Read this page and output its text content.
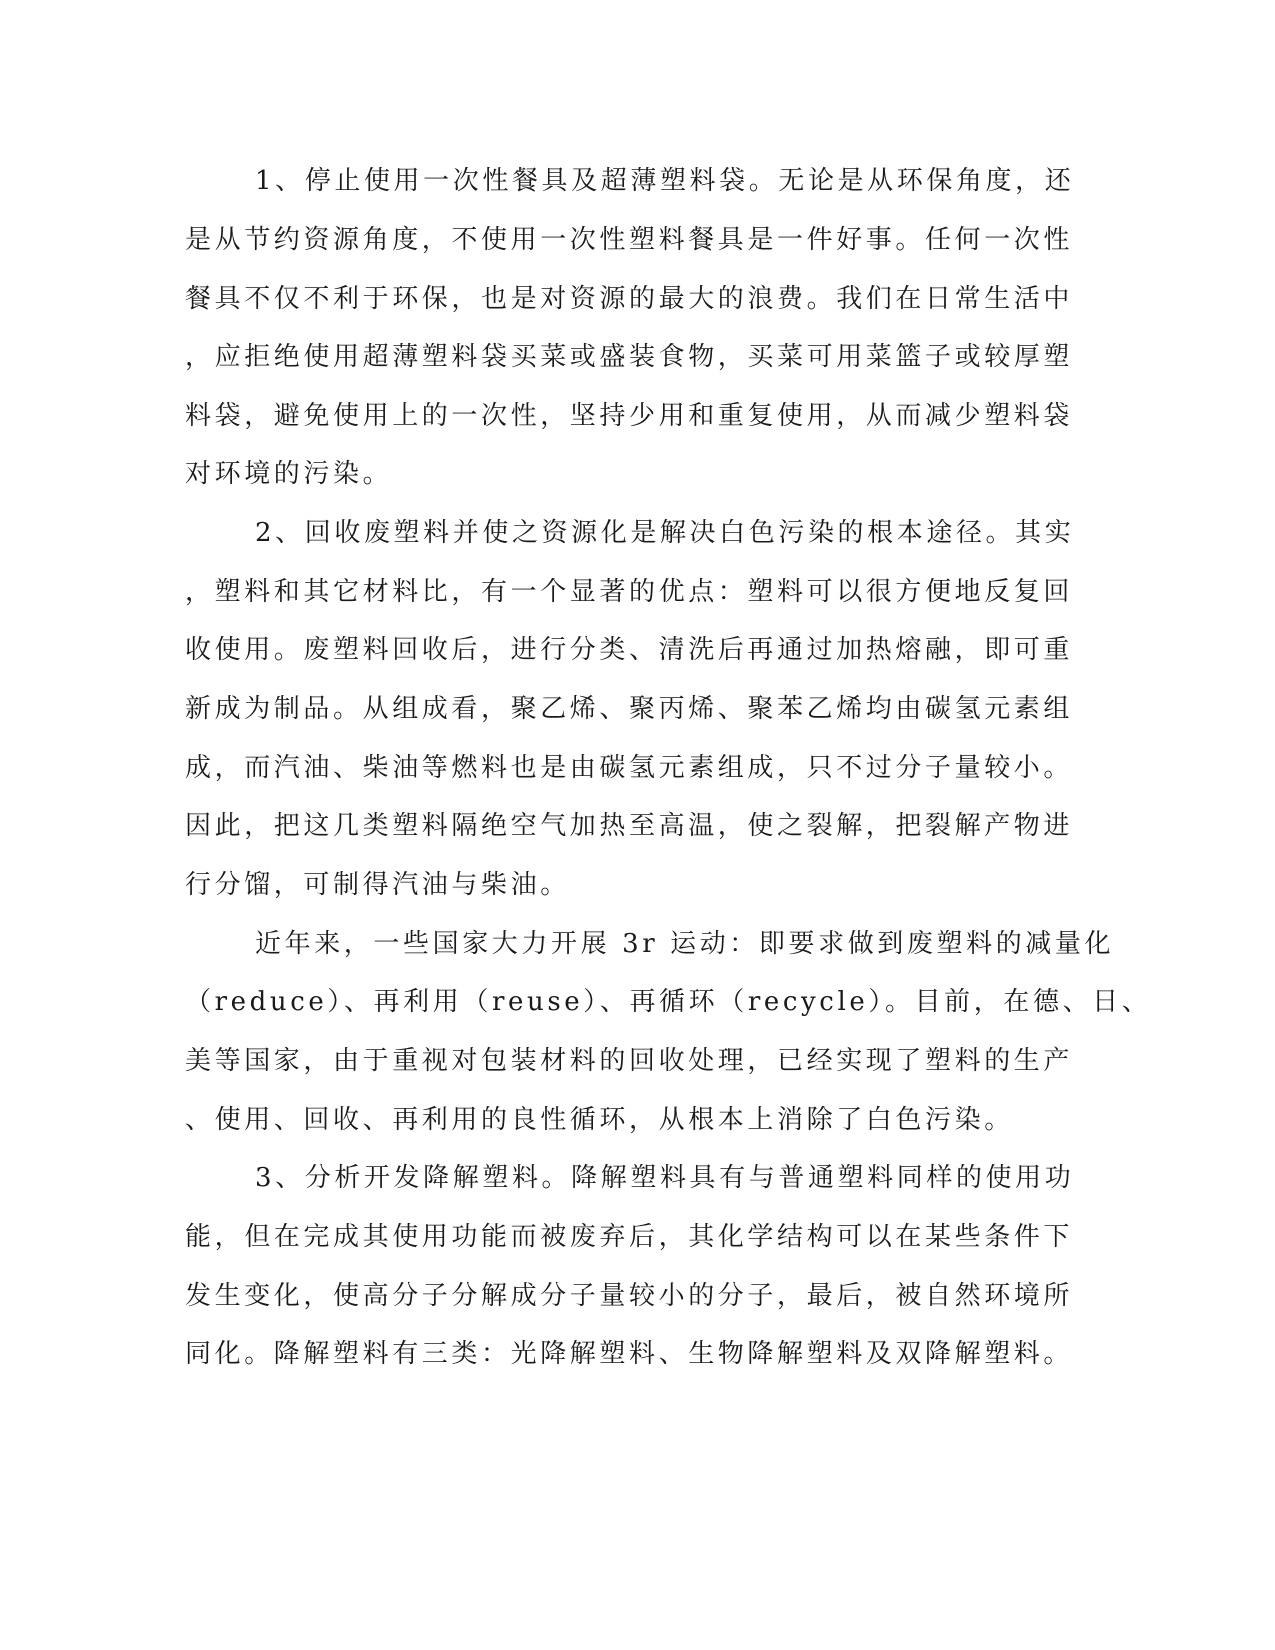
1、停止使用一次性餐具及超薄塑料袋。无论是从环保角度，还
是从节约资源角度，不使用一次性塑料餐具是一件好事。任何一次性
餐具不仅不利于环保，也是对资源的最大的浪费。我们在日常生活中
，应拒绝使用超薄塑料袋买菜或盛装食物，买菜可用菜篮子或较厚塑
料袋，避免使用上的一次性，坚持少用和重复使用，从而减少塑料袋
对环境的污染。
2、回收废塑料并使之资源化是解决白色污染的根本途径。其实
，塑料和其它材料比，有一个显著的优点：塑料可以很方便地反复回
收使用。废塑料回收后，进行分类、清洗后再通过加热熔融，即可重
新成为制品。从组成看，聚乙烯、聚丙烯、聚苯乙烯均由碳氢元素组
成，而汽油、柴油等燃料也是由碳氢元素组成，只不过分子量较小。
因此，把这几类塑料隔绝空气加热至高温，使之裂解，把裂解产物进
行分馏，可制得汽油与柴油。
近年来，一些国家大力开展 3r 运动：即要求做到废塑料的减量化
（reduce）、再利用（reuse）、再循环（recycle）。目前，在德、日、
美等国家，由于重视对包装材料的回收处理，已经实现了塑料的生产
、使用、回收、再利用的良性循环，从根本上消除了白色污染。
3、分析开发降解塑料。降解塑料具有与普通塑料同样的使用功
能，但在完成其使用功能而被废弃后，其化学结构可以在某些条件下
发生变化，使高分子分解成分子量较小的分子，最后，被自然环境所
同化。降解塑料有三类：光降解塑料、生物降解塑料及双降解塑料。
